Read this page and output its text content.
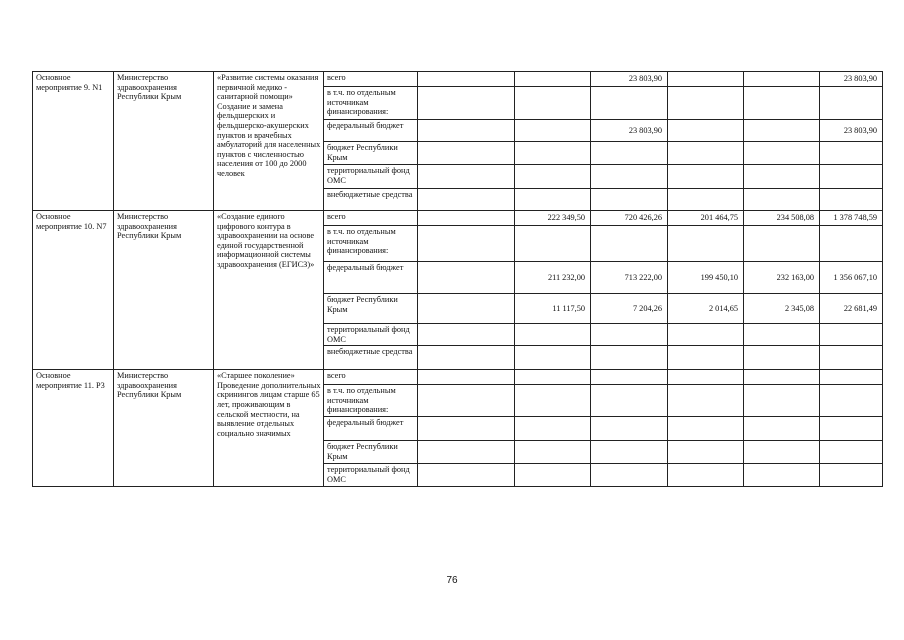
Основное мероприятие 9. N1	Министерство здравоохранения Республики Крым	«Развитие системы оказания первичной медико - санитарной помощи» Создание и замена фельдшерских и фельдшерско-акушерских пунктов и врачебных амбулаторий для населенных пунктов с численностью населения от 100 до 2000 человек	всего			23 803,90			23 803,90
			в т.ч. по отдельным источникам финансирования:						
			федеральный бюджет			23 803,90			23 803,90
			бюджет Республики Крым						
			территориальный фонд ОМС						
			внебюджетные средства						
Основное мероприятие 10. N7	Министерство здравоохранения Республики Крым	«Создание единого цифрового контура в здравоохранении на основе единой государственной информационной системы здравоохранения (ЕГИСЗ)»	всего		222 349,50	720 426,26	201 464,75	234 508,08	1 378 748,59
			в т.ч. по отдельным источникам финансирования:						
			федеральный бюджет		211 232,00	713 222,00	199 450,10	232 163,00	1 356 067,10
			бюджет Республики Крым		11 117,50	7 204,26	2 014,65	2 345,08	22 681,49
			территориальный фонд ОМС						
			внебюджетные средства						
Основное мероприятие 11. P3	Министерство здравоохранения Республики Крым	«Старшее поколение» Проведение дополнительных скринингов лицам старше 65 лет, проживающим в сельской местности, на выявление отдельных социально значимых	всего						
			в т.ч. по отдельным источникам финансирования:						
			федеральный бюджет						
			бюджет Республики Крым						
			территориальный фонд ОМС						
76
